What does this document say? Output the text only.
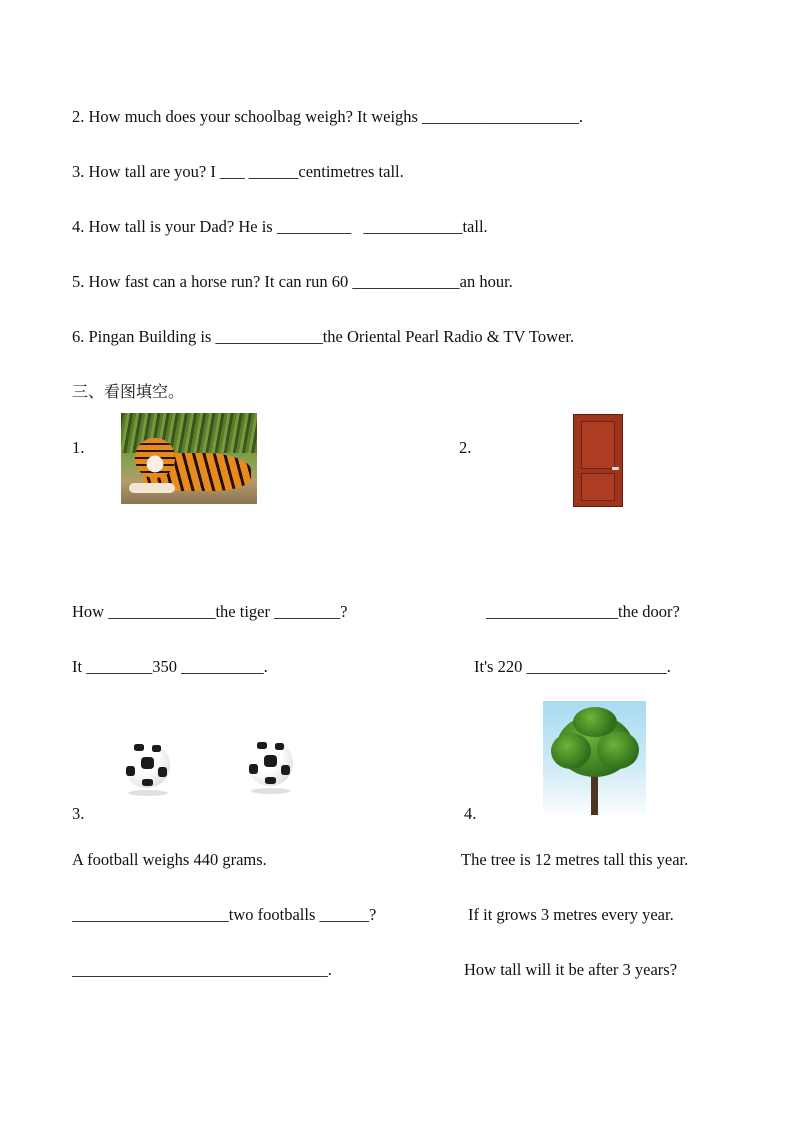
2. How much does your schoolbag weigh? It weighs ___________________.
3. How tall are you? I ___ ______centimetres tall.
4. How tall is your Dad? He is _________   ____________tall.
5. How fast can a horse run? It can run 60 _____________an hour.
6. Pingan Building is _____________the Oriental Pearl Radio & TV Tower.
三、看图填空。
1.	2.
How _____________the tiger ________?	________________the door?
It ________350 __________.	It's 220 _________________.
3.	4.
A football weighs 440 grams.	The tree is 12 metres tall this year.
___________________two footballs ______?	If it grows 3 metres every year.
_______________________________.	How tall will it be after 3 years?
